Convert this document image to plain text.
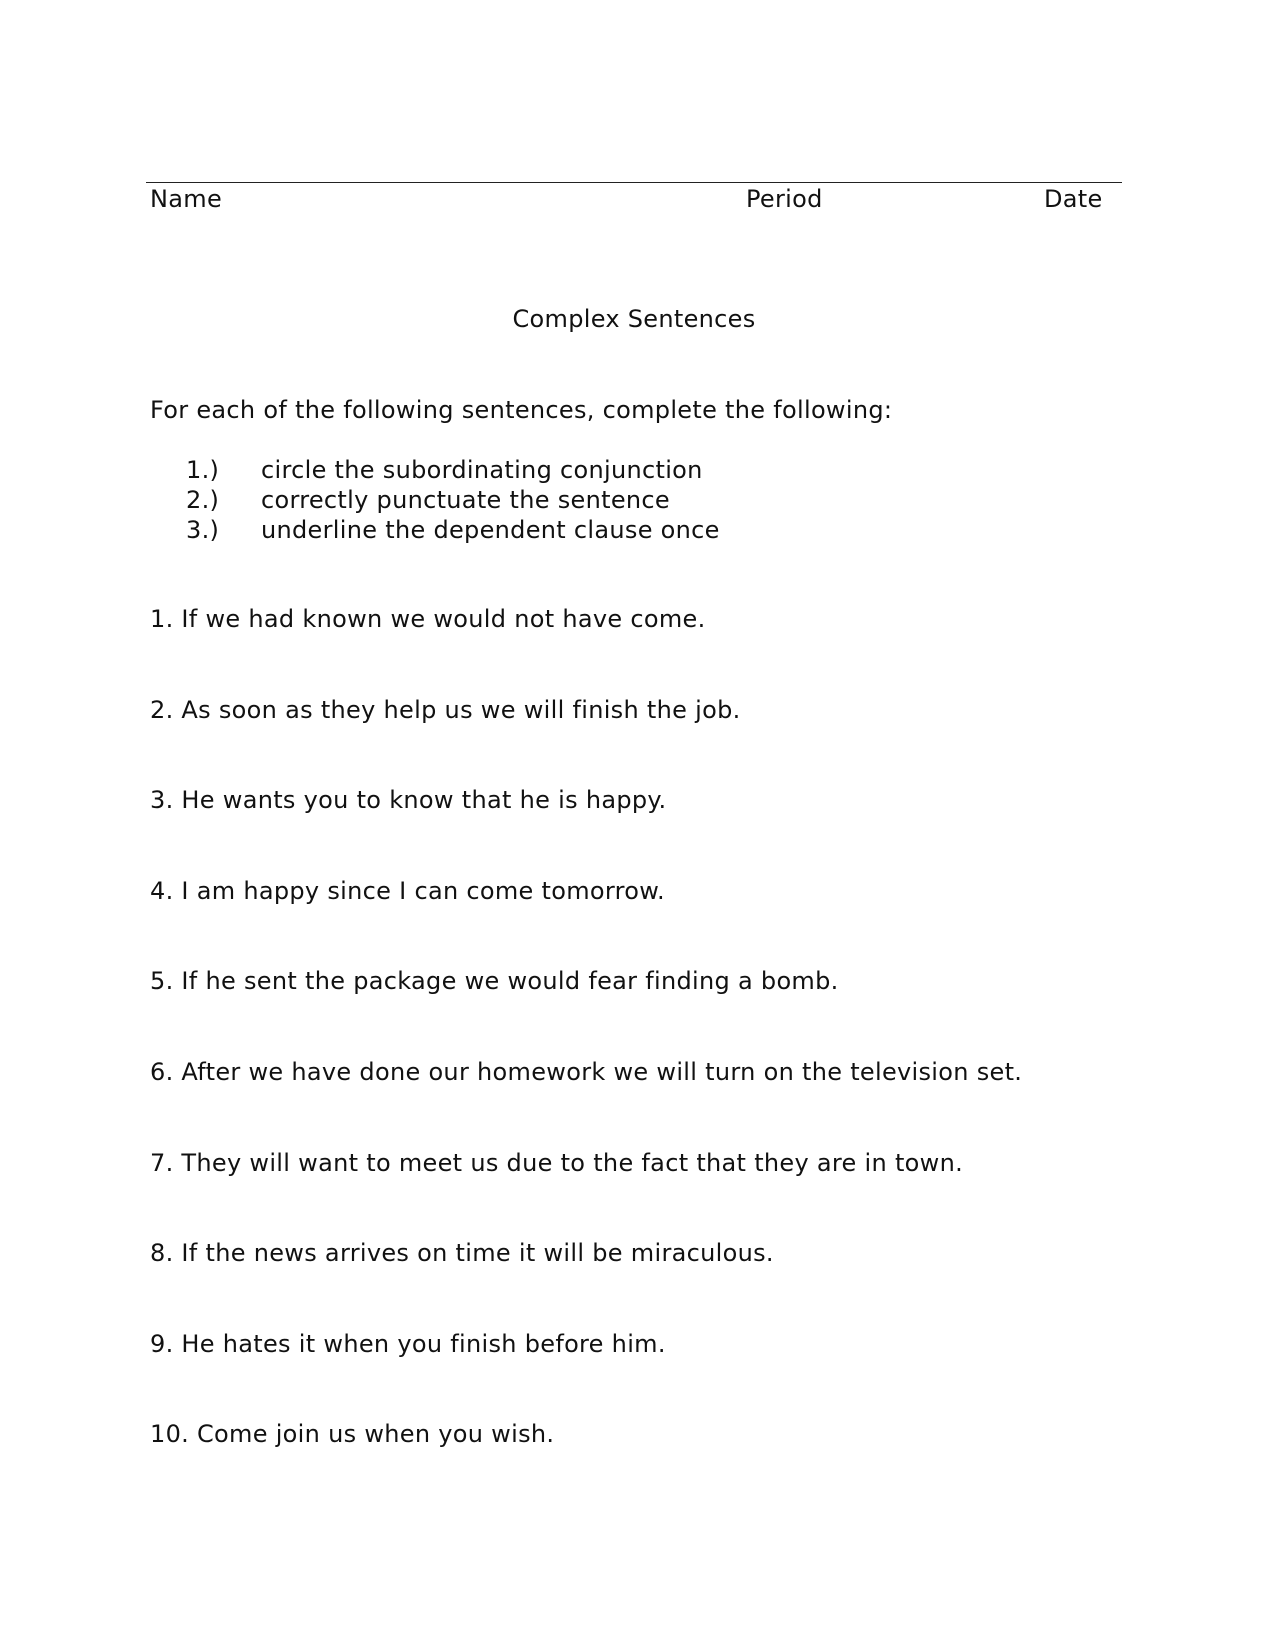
Name	Period	Date
Complex Sentences
For each of the following sentences, complete the following:
1.) circle the subordinating conjunction
2.) correctly punctuate the sentence
3.) underline the dependent clause once
1. If we had known we would not have come.
2. As soon as they help us we will finish the job.
3. He wants you to know that he is happy.
4. I am happy since I can come tomorrow.
5. If he sent the package we would fear finding a bomb.
6. After we have done our homework we will turn on the television set.
7. They will want to meet us due to the fact that they are in town.
8. If the news arrives on time it will be miraculous.
9. He hates it when you finish before him.
10. Come join us when you wish.
